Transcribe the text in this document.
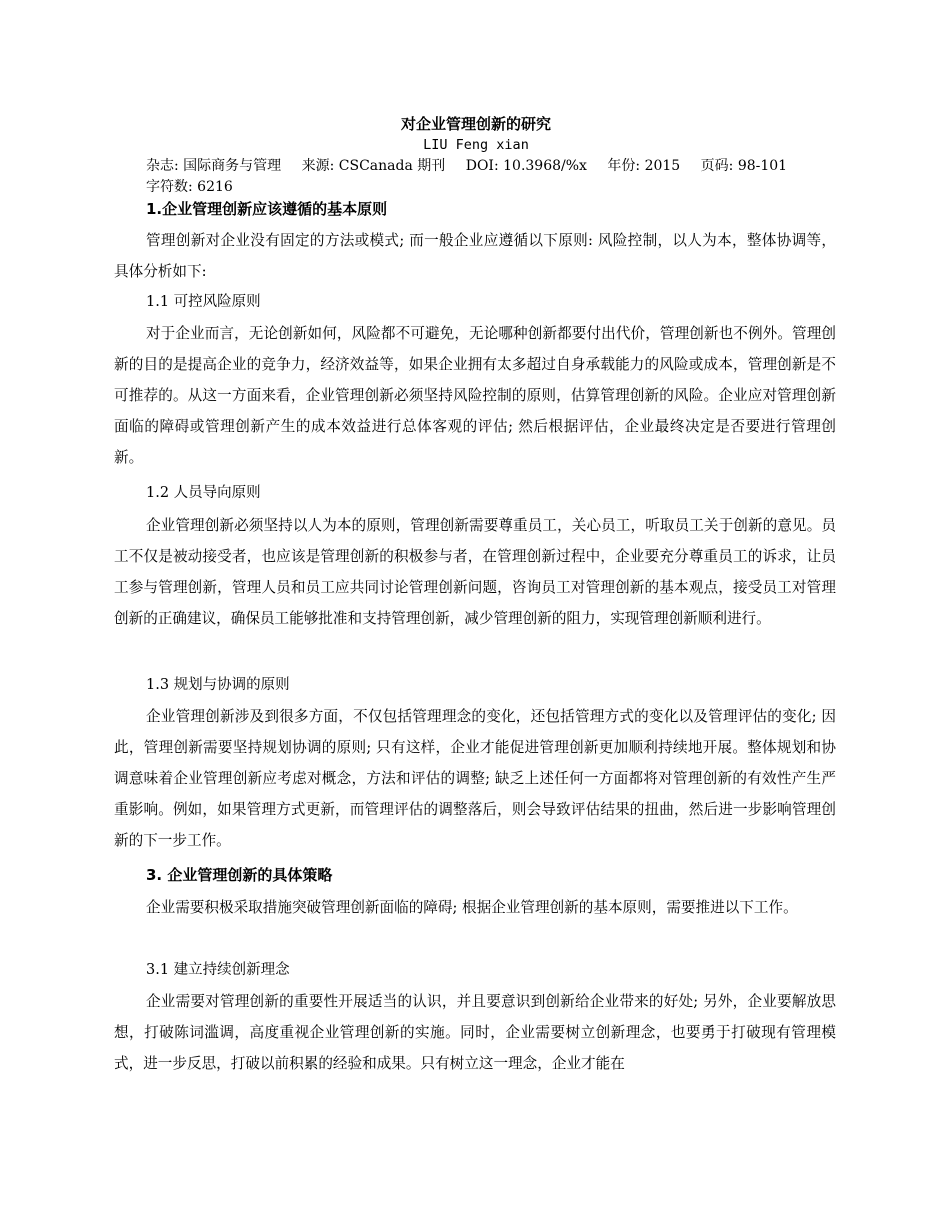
对企业管理创新的研究
LIU Feng xian
杂志: 国际商务与管理 来源: CSCanada 期刊 DOI: 10.3968/%x 年份: 2015 页码: 98-101
字符数: 6216
1.企业管理创新应该遵循的基本原则

管理创新对企业没有固定的方法或模式; 而一般企业应遵循以下原则: 风险控制，以人为本，整体协调等，具体分析如下:

1.1 可控风险原则

对于企业而言，无论创新如何，风险都不可避免，无论哪种创新都要付出代价，管理创新也不例外。管理创新的目的是提高企业的竞争力，经济效益等，如果企业拥有太多超过自身承载能力的风险或成本，管理创新是不可推荐的。从这一方面来看，企业管理创新必须坚持风险控制的原则，估算管理创新的风险。企业应对管理创新面临的障碍或管理创新产生的成本效益进行总体客观的评估; 然后根据评估，企业最终决定是否要进行管理创新。

1.2 人员导向原则

企业管理创新必须坚持以人为本的原则，管理创新需要尊重员工，关心员工，听取员工关于创新的意见。员工不仅是被动接受者，也应该是管理创新的积极参与者，在管理创新过程中，企业要充分尊重员工的诉求，让员工参与管理创新，管理人员和员工应共同讨论管理创新问题，咨询员工对管理创新的基本观点，接受员工对管理创新的正确建议，确保员工能够批准和支持管理创新，减少管理创新的阻力，实现管理创新顺利进行。

1.3 规划与协调的原则

企业管理创新涉及到很多方面，不仅包括管理理念的变化，还包括管理方式的变化以及管理评估的变化; 因此，管理创新需要坚持规划协调的原则; 只有这样，企业才能促进管理创新更加顺利持续地开展。整体规划和协调意味着企业管理创新应考虑对概念，方法和评估的调整; 缺乏上述任何一方面都将对管理创新的有效性产生严重影响。例如，如果管理方式更新，而管理评估的调整落后，则会导致评估结果的扭曲，然后进一步影响管理创新的下一步工作。

3. 企业管理创新的具体策略

企业需要积极采取措施突破管理创新面临的障碍; 根据企业管理创新的基本原则，需要推进以下工作。

3.1 建立持续创新理念

企业需要对管理创新的重要性开展适当的认识，并且要意识到创新给企业带来的好处; 另外，企业要解放思想，打破陈词滥调，高度重视企业管理创新的实施。同时，企业需要树立创新理念，也要勇于打破现有管理模式，进一步反思，打破以前积累的经验和成果。只有树立这一理念，企业才能在
